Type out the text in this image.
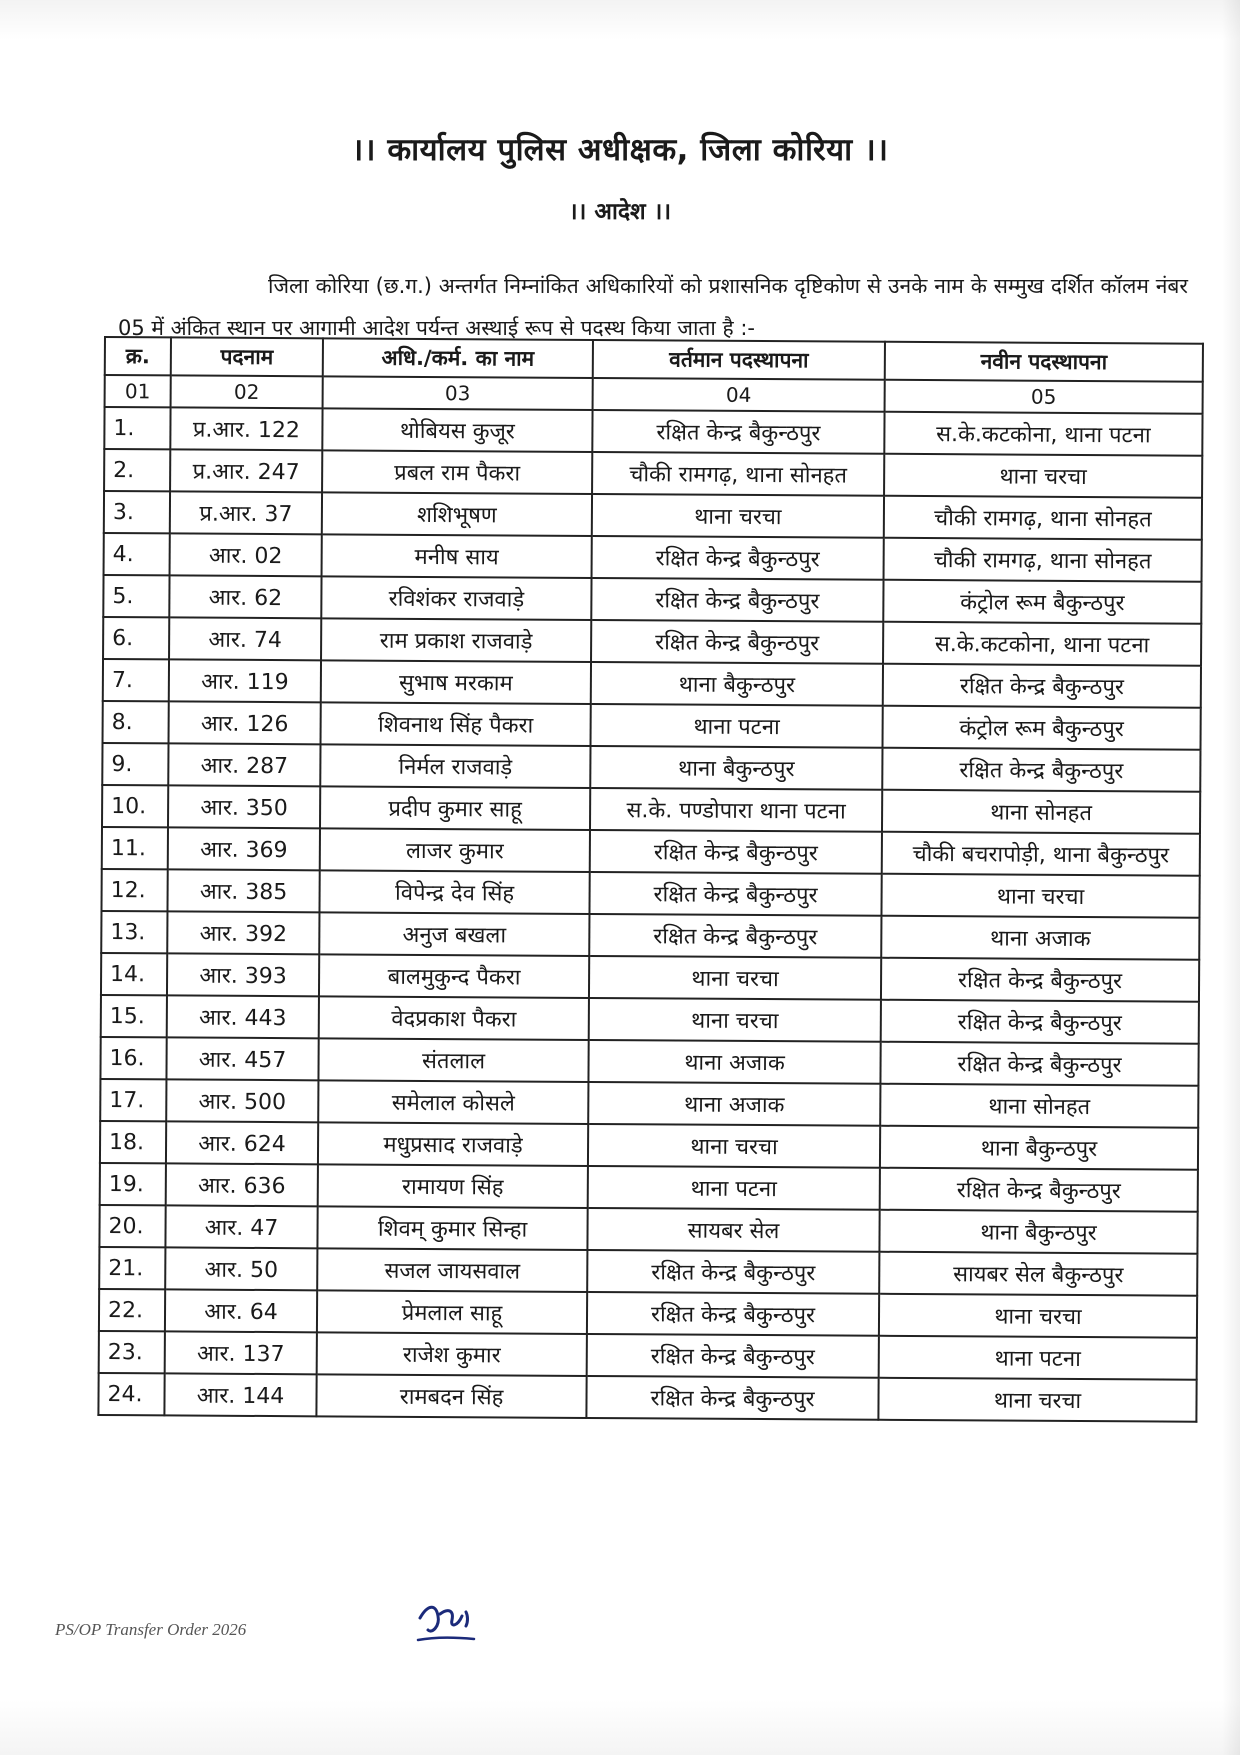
।। कार्यालय पुलिस अधीक्षक, जिला कोरिया ।।
।। आदेश ।।

जिला कोरिया (छ.ग.) अन्तर्गत निम्नांकित अधिकारियों को प्रशासनिक दृष्टिकोण से उनके नाम के सम्मुख दर्शित कॉलम नंबर 05 में अंकित स्थान पर आगामी आदेश पर्यन्त अस्थाई रूप से पदस्थ किया जाता है :-

क्र.	पदनाम	अधि./कर्म. का नाम	वर्तमान पदस्थापना	नवीन पदस्थापना
01	02	03	04	05
1.	प्र.आर. 122	थोबियस कुजूर	रक्षित केन्द्र बैकुन्ठपुर	स.के.कटकोना, थाना पटना
2.	प्र.आर. 247	प्रबल राम पैकरा	चौकी रामगढ़, थाना सोनहत	थाना चरचा
3.	प्र.आर. 37	शशिभूषण	थाना चरचा	चौकी रामगढ़, थाना सोनहत
4.	आर. 02	मनीष साय	रक्षित केन्द्र बैकुन्ठपुर	चौकी रामगढ़, थाना सोनहत
5.	आर. 62	रविशंकर राजवाड़े	रक्षित केन्द्र बैकुन्ठपुर	कंट्रोल रूम बैकुन्ठपुर
6.	आर. 74	राम प्रकाश राजवाड़े	रक्षित केन्द्र बैकुन्ठपुर	स.के.कटकोना, थाना पटना
7.	आर. 119	सुभाष मरकाम	थाना बैकुन्ठपुर	रक्षित केन्द्र बैकुन्ठपुर
8.	आर. 126	शिवनाथ सिंह पैकरा	थाना पटना	कंट्रोल रूम बैकुन्ठपुर
9.	आर. 287	निर्मल राजवाड़े	थाना बैकुन्ठपुर	रक्षित केन्द्र बैकुन्ठपुर
10.	आर. 350	प्रदीप कुमार साहू	स.के. पण्डोपारा थाना पटना	थाना सोनहत
11.	आर. 369	लाजर कुमार	रक्षित केन्द्र बैकुन्ठपुर	चौकी बचरापोड़ी, थाना बैकुन्ठपुर
12.	आर. 385	विपेन्द्र देव सिंह	रक्षित केन्द्र बैकुन्ठपुर	थाना चरचा
13.	आर. 392	अनुज बखला	रक्षित केन्द्र बैकुन्ठपुर	थाना अजाक
14.	आर. 393	बालमुकुन्द पैकरा	थाना चरचा	रक्षित केन्द्र बैकुन्ठपुर
15.	आर. 443	वेदप्रकाश पैकरा	थाना चरचा	रक्षित केन्द्र बैकुन्ठपुर
16.	आर. 457	संतलाल	थाना अजाक	रक्षित केन्द्र बैकुन्ठपुर
17.	आर. 500	समेलाल कोसले	थाना अजाक	थाना सोनहत
18.	आर. 624	मधुप्रसाद राजवाड़े	थाना चरचा	थाना बैकुन्ठपुर
19.	आर. 636	रामायण सिंह	थाना पटना	रक्षित केन्द्र बैकुन्ठपुर
20.	आर. 47	शिवम् कुमार सिन्हा	सायबर सेल	थाना बैकुन्ठपुर
21.	आर. 50	सजल जायसवाल	रक्षित केन्द्र बैकुन्ठपुर	सायबर सेल बैकुन्ठपुर
22.	आर. 64	प्रेमलाल साहू	रक्षित केन्द्र बैकुन्ठपुर	थाना चरचा
23.	आर. 137	राजेश कुमार	रक्षित केन्द्र बैकुन्ठपुर	थाना पटना
24.	आर. 144	रामबदन सिंह	रक्षित केन्द्र बैकुन्ठपुर	थाना चरचा
PS/OP Transfer Order 2026
